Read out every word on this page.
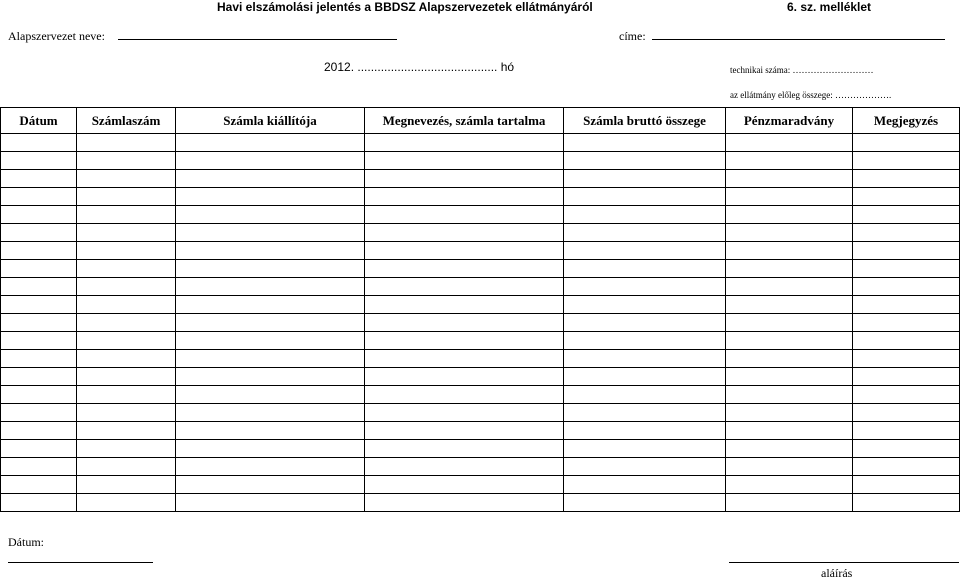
Havi elszámolási jelentés a BBDSZ Alapszervezetek ellátmányáról	6. sz. melléklet
Alapszervezet neve:	címe:
2012. .......................................... hó	technikai száma: ………………………
az ellátmány előleg összege: ……………….
Dátum	Számlaszám	Számla kiállítója	Megnevezés, számla tartalma	Számla bruttó összege	Pénzmaradvány	Megjegyzés

Dátum:
aláírás
